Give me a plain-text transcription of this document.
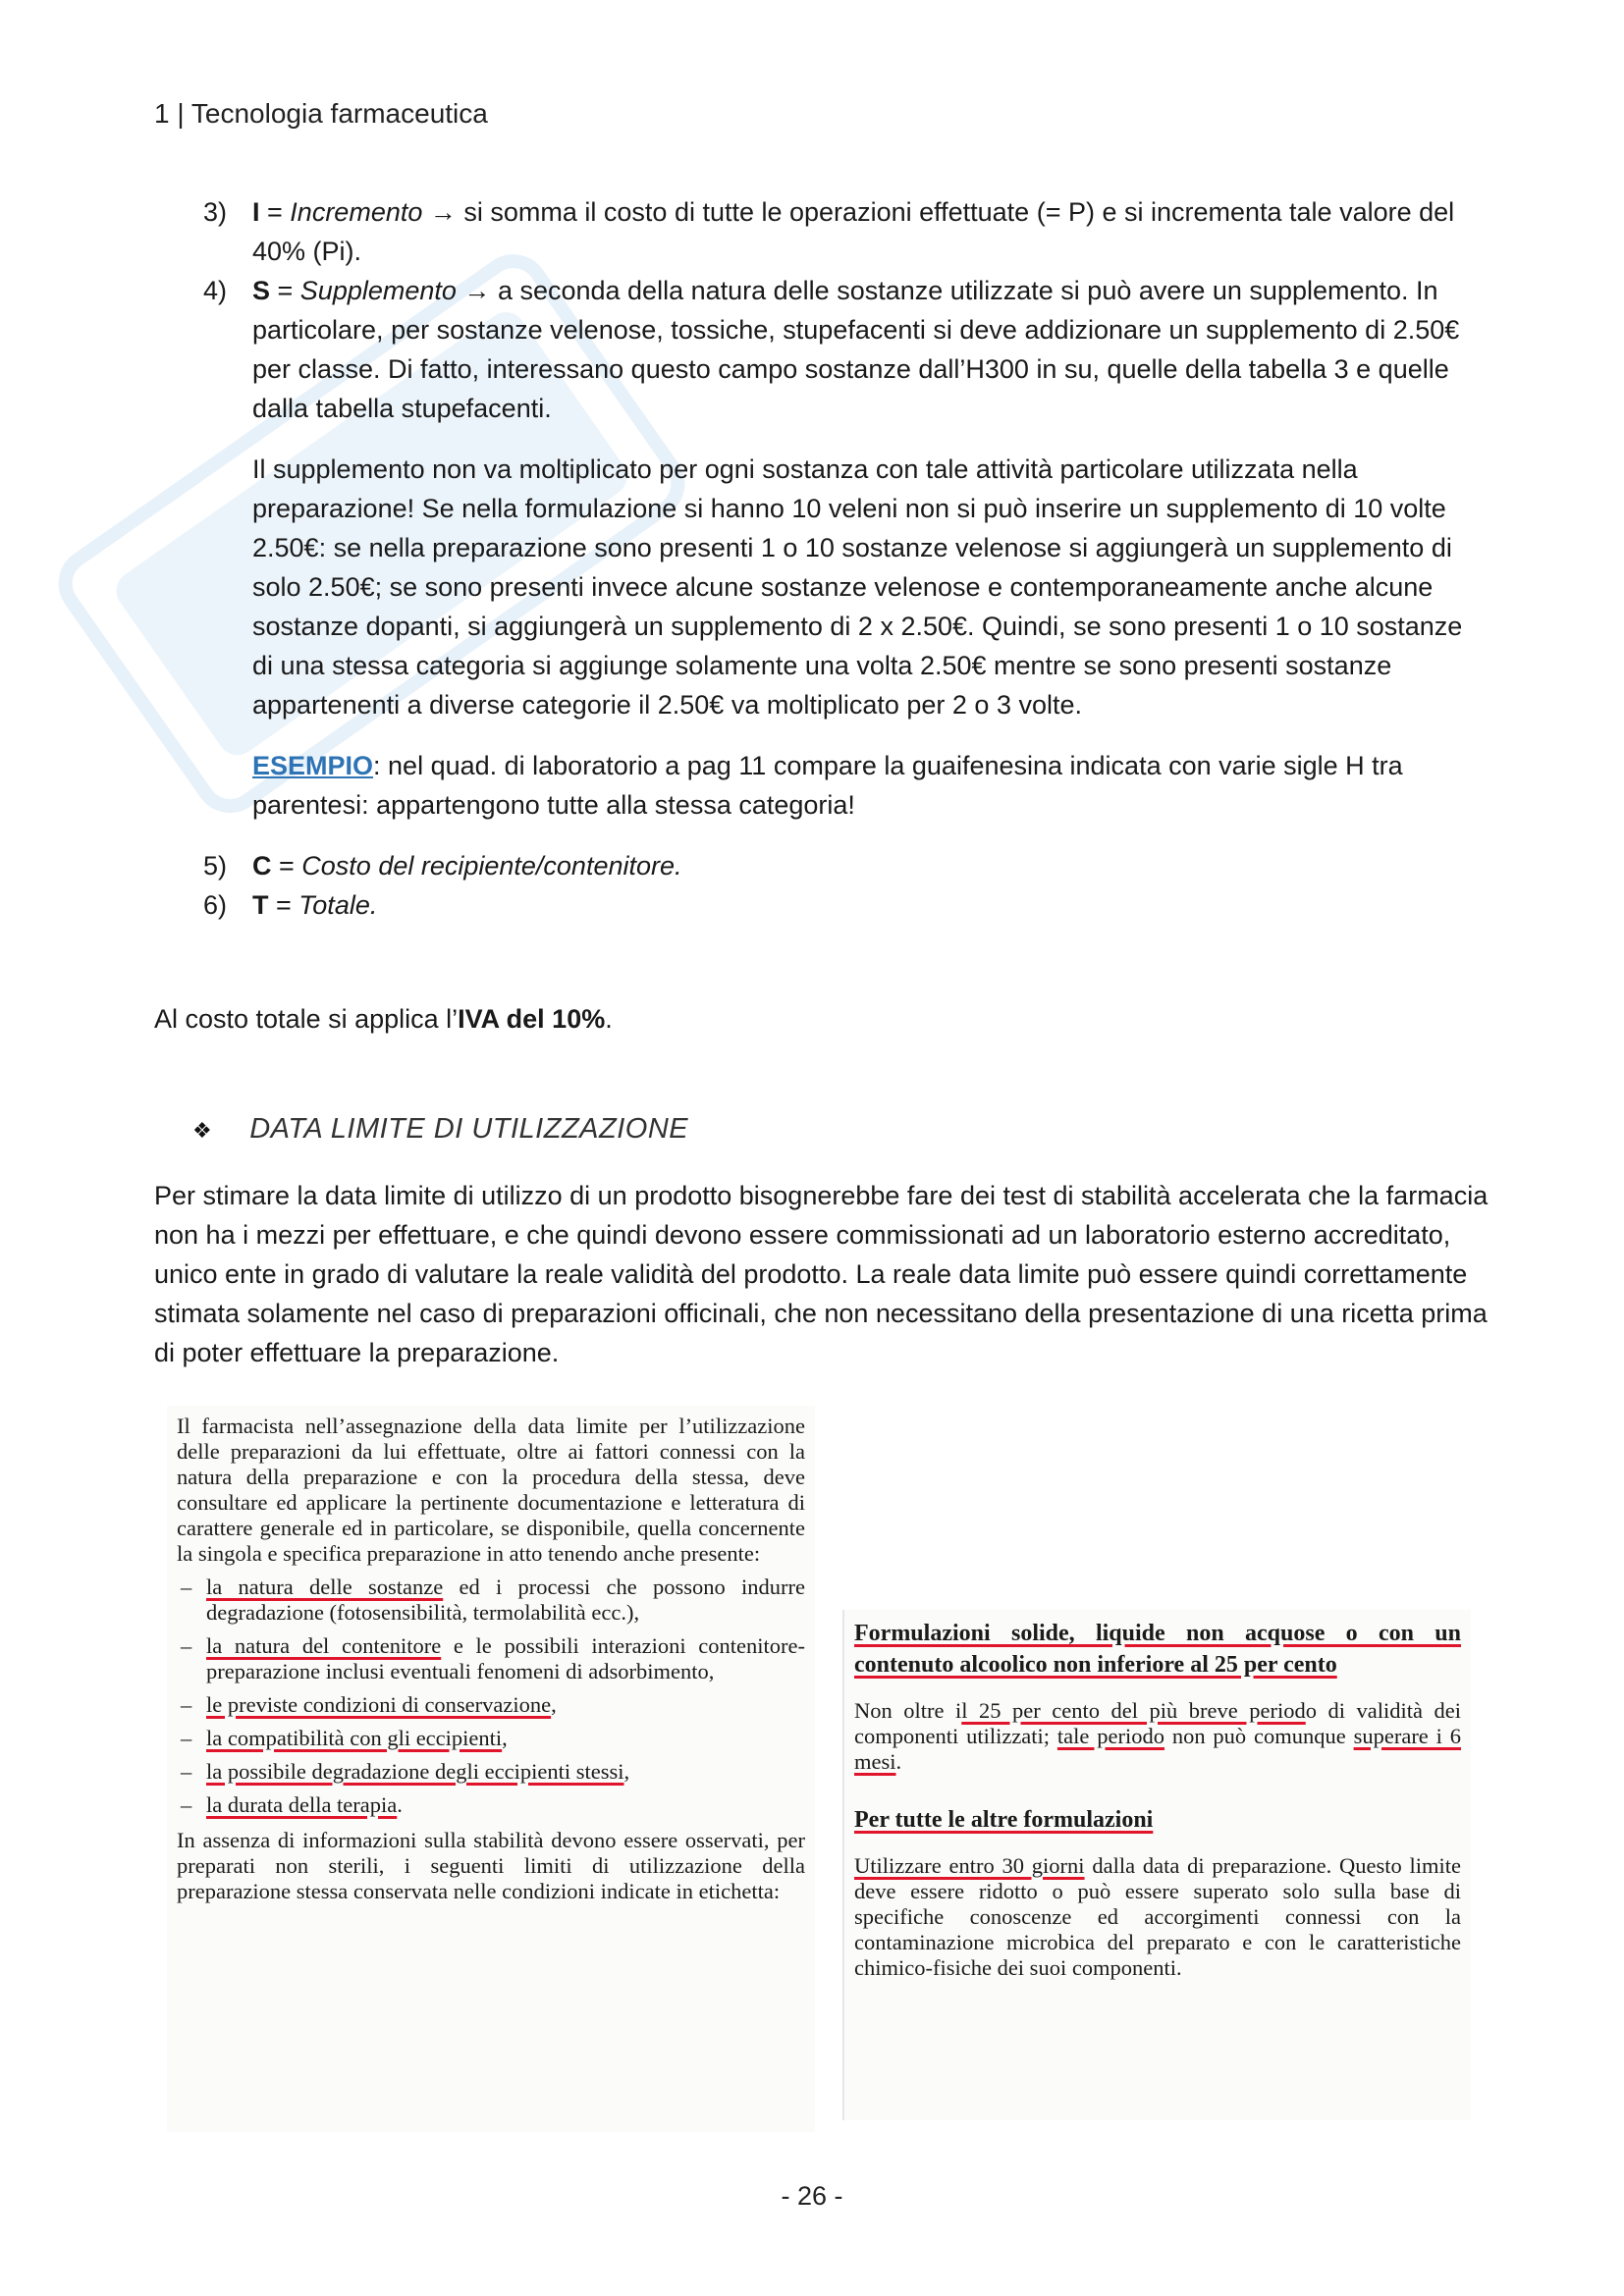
1 | Tecnologia farmaceutica
3) I = Incremento → si somma il costo di tutte le operazioni effettuate (= P) e si incrementa tale valore del 40% (Pi).
4) S = Supplemento → a seconda della natura delle sostanze utilizzate si può avere un supplemento. In particolare, per sostanze velenose, tossiche, stupefacenti si deve addizionare un supplemento di 2.50€ per classe. Di fatto, interessano questo campo sostanze dall’H300 in su, quelle della tabella 3 e quelle dalla tabella stupefacenti.
Il supplemento non va moltiplicato per ogni sostanza con tale attività particolare utilizzata nella preparazione! Se nella formulazione si hanno 10 veleni non si può inserire un supplemento di 10 volte 2.50€: se nella preparazione sono presenti 1 o 10 sostanze velenose si aggiungerà un supplemento di solo 2.50€; se sono presenti invece alcune sostanze velenose e contemporaneamente anche alcune sostanze dopanti, si aggiungerà un supplemento di 2 x 2.50€. Quindi, se sono presenti 1 o 10 sostanze di una stessa categoria si aggiunge solamente una volta 2.50€ mentre se sono presenti sostanze appartenenti a diverse categorie il 2.50€ va moltiplicato per 2 o 3 volte.
ESEMPIO: nel quad. di laboratorio a pag 11 compare la guaifenesina indicata con varie sigle H tra parentesi: appartengono tutte alla stessa categoria!
5) C = Costo del recipiente/contenitore.
6) T = Totale.
Al costo totale si applica l’IVA del 10%.
❖ DATA LIMITE DI UTILIZZAZIONE
Per stimare la data limite di utilizzo di un prodotto bisognerebbe fare dei test di stabilità accelerata che la farmacia non ha i mezzi per effettuare, e che quindi devono essere commissionati ad un laboratorio esterno accreditato, unico ente in grado di valutare la reale validità del prodotto. La reale data limite può essere quindi correttamente stimata solamente nel caso di preparazioni officinali, che non necessitano della presentazione di una ricetta prima di poter effettuare la preparazione.

Il farmacista nell’assegnazione della data limite per l’utilizzazione delle preparazioni da lui effettuate, oltre ai fattori connessi con la natura della preparazione e con la procedura della stessa, deve consultare ed applicare la pertinente documentazione e letteratura di carattere generale ed in particolare, se disponibile, quella concernente la singola e specifica preparazione in atto tenendo anche presente:

– la natura delle sostanze ed i processi che possono indurre degradazione (fotosensibilità, termolabilità ecc.),

– la natura del contenitore e le possibili interazioni contenitore-preparazione inclusi eventuali fenomeni di adsorbimento,

– le previste condizioni di conservazione,

– la compatibilità con gli eccipienti,

– la possibile degradazione degli eccipienti stessi,

– la durata della terapia.

In assenza di informazioni sulla stabilità devono essere osservati, per preparati non sterili, i seguenti limiti di utilizzazione della preparazione stessa conservata nelle condizioni indicate in etichetta:

Formulazioni solide, liquide non acquose o con un contenuto alcoolico non inferiore al 25 per cento

Non oltre il 25 per cento del più breve periodo di validità dei componenti utilizzati; tale periodo non può comunque superare i 6 mesi.

Per tutte le altre formulazioni

Utilizzare entro 30 giorni dalla data di preparazione. Questo limite deve essere ridotto o può essere superato solo sulla base di specifiche conoscenze ed accorgimenti connessi con la contaminazione microbica del preparato e con le caratteristiche chimico-fisiche dei suoi componenti.

- 26 -
